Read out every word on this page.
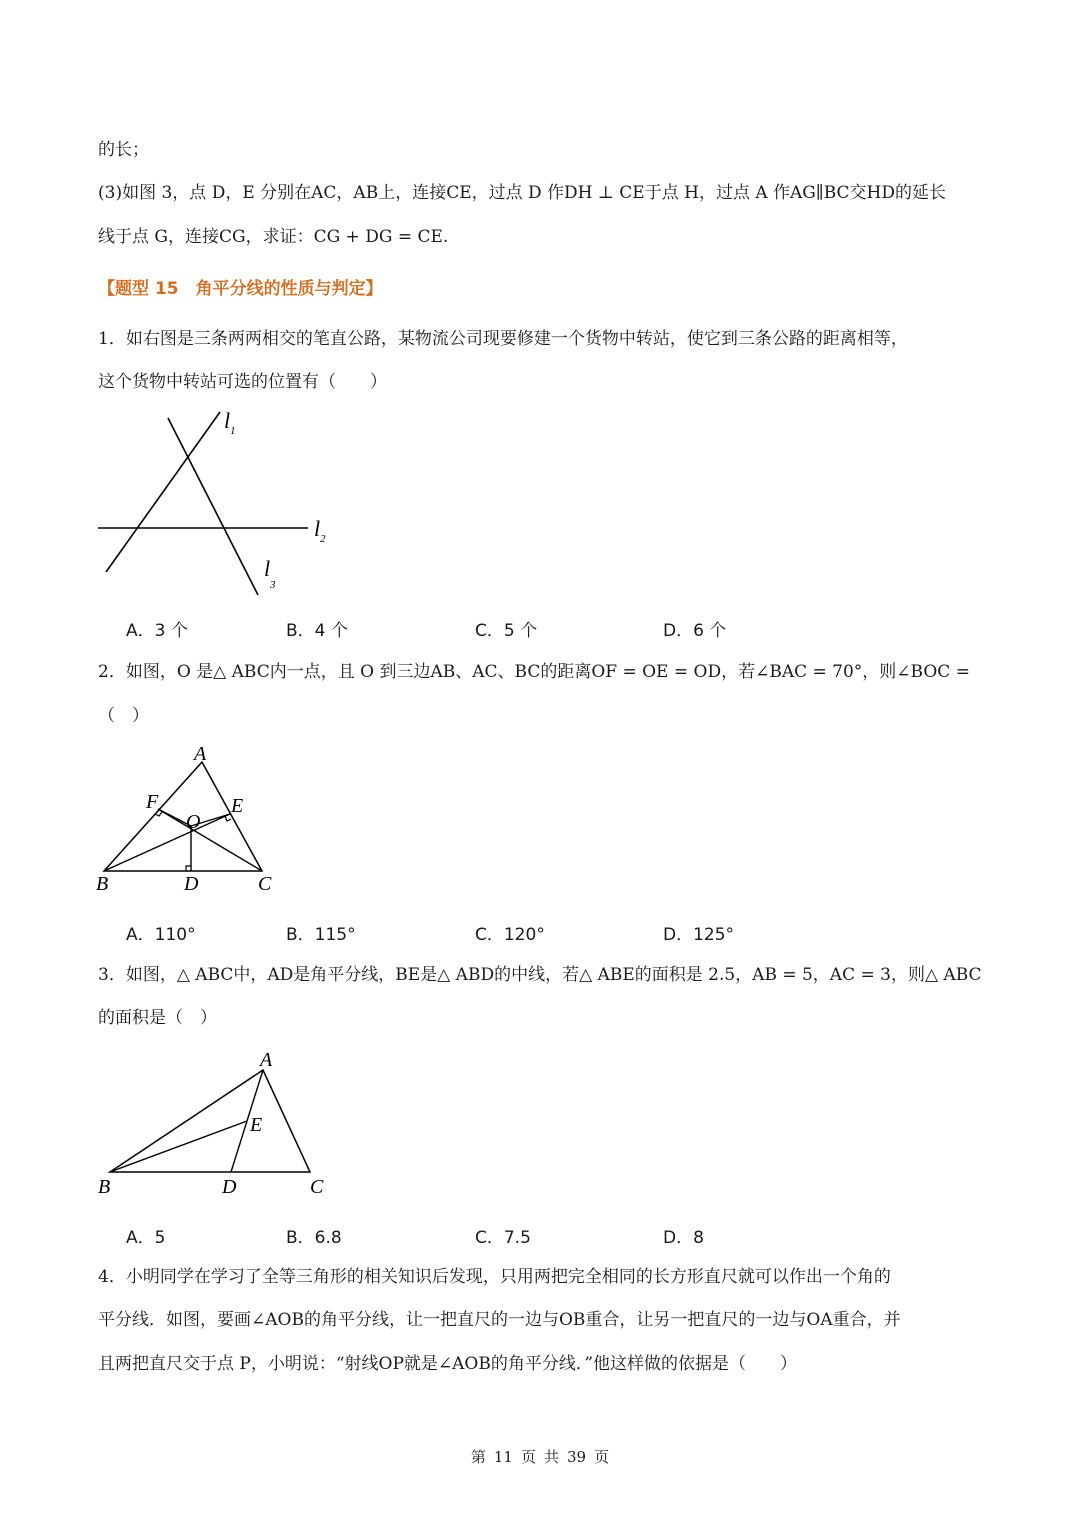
的长；
(3)如图 3，点 D，E 分别在AC，AB上，连接CE，过点 D 作DH ⊥ CE于点 H，过点 A 作AG∥BC交HD的延长
线于点 G，连接CG，求证：CG + DG = CE.
【题型 15　角平分线的性质与判定】
1．如右图是三条两两相交的笔直公路，某物流公司现要修建一个货物中转站，使它到三条公路的距离相等，
这个货物中转站可选的位置有（　　）
l 1
l 2
l
3
A．3 个	B．4 个	C．5 个	D．6 个
2．如图，O 是△ ABC内一点，且 O 到三边AB、AC、BC的距离OF = OE = OD，若∠BAC = 70°，则∠BOC =
（　）
A
B	C
D
E
F
O
A．110°	B．115°	C．120°	D．125°
3．如图，△ ABC中，AD是角平分线，BE是△ ABD的中线，若△ ABE的面积是 2.5，AB = 5，AC = 3，则△ ABC
的面积是（　）
A
B	C
D
E
A．5	B．6.8	C．7.5	D．8
4．小明同学在学习了全等三角形的相关知识后发现，只用两把完全相同的长方形直尺就可以作出一个角的
平分线．如图，要画∠AOB的角平分线，让一把直尺的一边与OB重合，让另一把直尺的一边与OA重合，并
且两把直尺交于点 P，小明说：“射线OP就是∠AOB的角平分线．”他这样做的依据是（　　）
第 11 页 共 39 页
